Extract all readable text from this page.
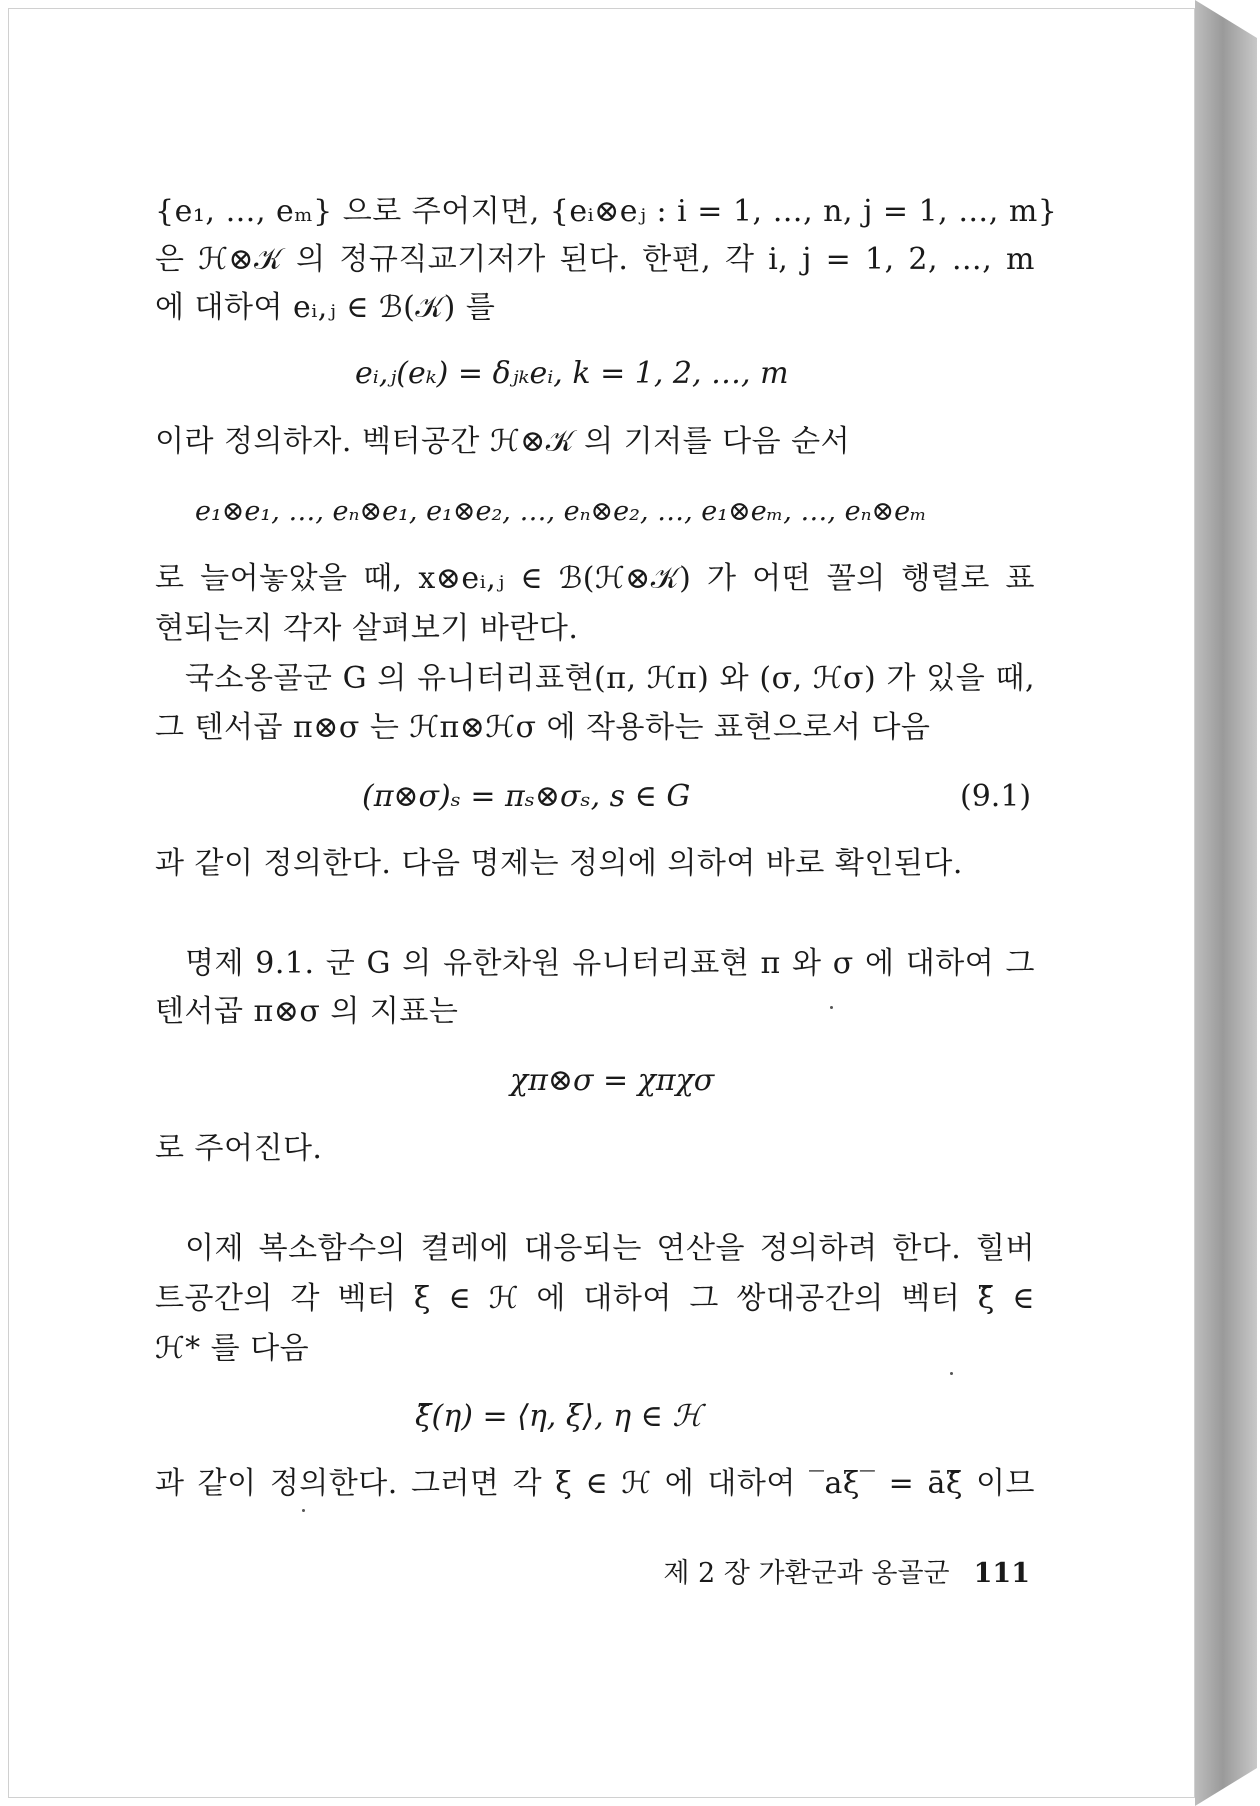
{e₁, …, eₘ} 으로 주어지면, {eᵢ⊗eⱼ : i = 1, …, n, j = 1, …, m}
은 ℋ⊗𝒦 의 정규직교기저가 된다. 한편, 각 i, j = 1, 2, …, m
에 대하여 eᵢ,ⱼ ∈ ℬ(𝒦) 를
eᵢ,ⱼ(eₖ) = δⱼₖeᵢ, k = 1, 2, …, m
이라 정의하자. 벡터공간 ℋ⊗𝒦 의 기저를 다음 순서
e₁⊗e₁, …, eₙ⊗e₁, e₁⊗e₂, …, eₙ⊗e₂, …, e₁⊗eₘ, …, eₙ⊗eₘ
로 늘어놓았을 때, x⊗eᵢ,ⱼ ∈ ℬ(ℋ⊗𝒦) 가 어떤 꼴의 행렬로 표
현되는지 각자 살펴보기 바란다.
국소옹골군 G 의 유니터리표현(π, ℋπ) 와 (σ, ℋσ) 가 있을 때,
그 텐서곱 π⊗σ 는 ℋπ⊗ℋσ 에 작용하는 표현으로서 다음
(π⊗σ)ₛ = πₛ⊗σₛ, s ∈ G	(9.1)
과 같이 정의한다. 다음 명제는 정의에 의하여 바로 확인된다.
명제 9.1. 군 G 의 유한차원 유니터리표현 π 와 σ 에 대하여 그
텐서곱 π⊗σ 의 지표는
χπ⊗σ = χπχσ
로 주어진다.
이제 복소함수의 켤레에 대응되는 연산을 정의하려 한다. 힐버
트공간의 각 벡터 ξ ∈ ℋ 에 대하여 그 쌍대공간의 벡터 ξ̄ ∈
ℋ* 를 다음
ξ̄(η) = ⟨η, ξ⟩, η ∈ ℋ
과 같이 정의한다. 그러면 각 ξ ∈ ℋ 에 대하여 ‾aξ‾ = āξ̄ 이므
제 2 장 가환군과 옹골군 111
